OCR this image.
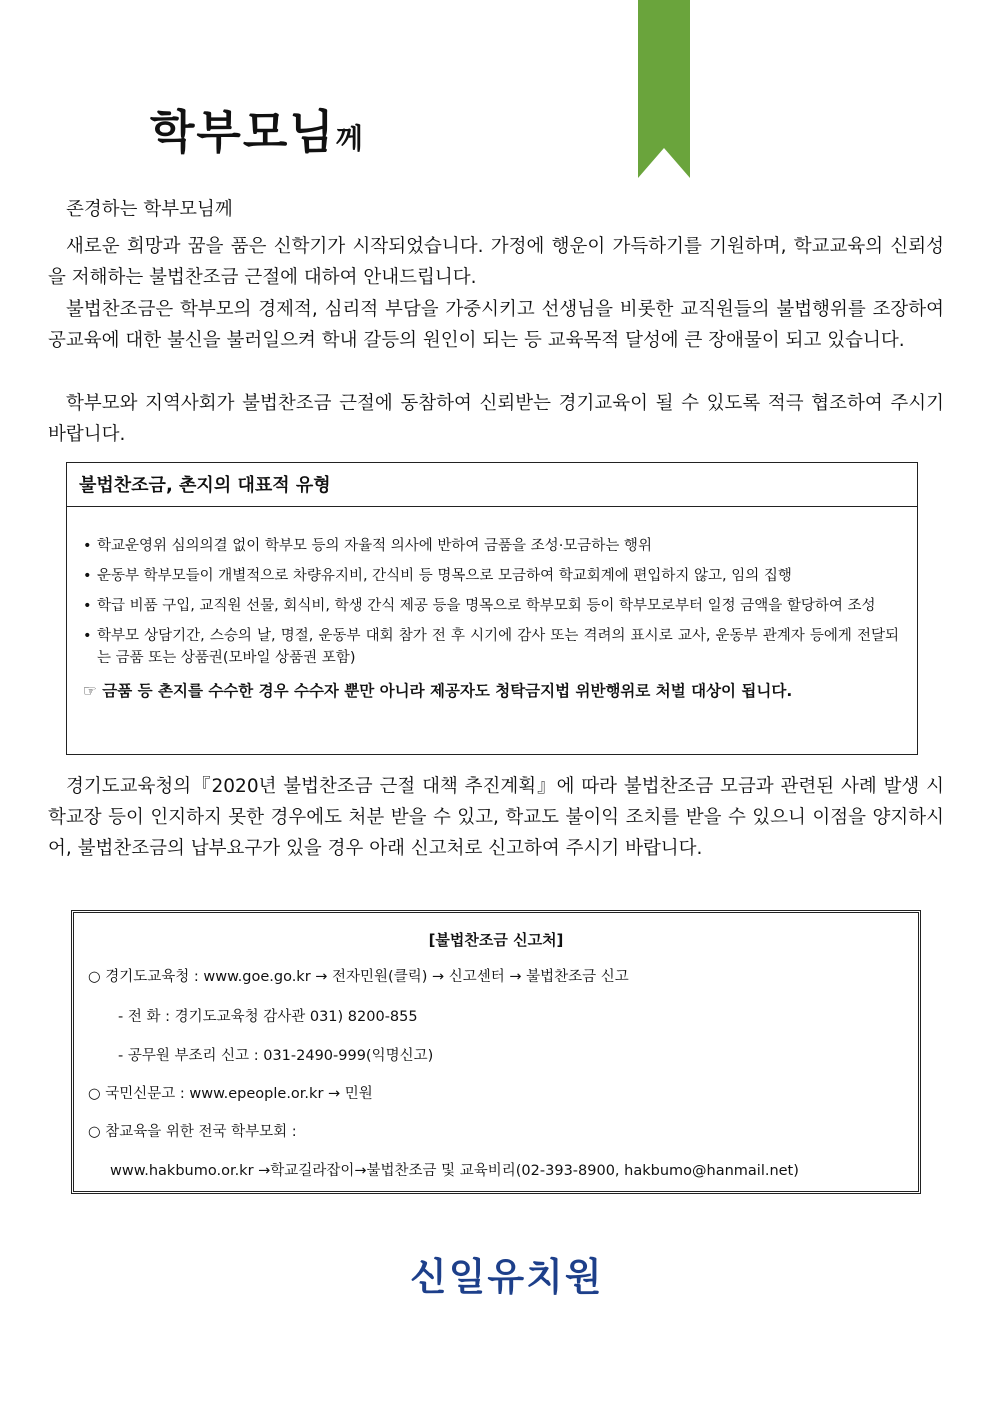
학부모님께

존경하는 학부모님께

새로운 희망과 꿈을 품은 신학기가 시작되었습니다. 가정에 행운이 가득하기를 기원하며, 학교교육의 신뢰성을 저해하는 불법찬조금 근절에 대하여 안내드립니다.

불법찬조금은 학부모의 경제적, 심리적 부담을 가중시키고 선생님을 비롯한 교직원들의 불법행위를 조장하여 공교육에 대한 불신을 불러일으켜 학내 갈등의 원인이 되는 등 교육목적 달성에 큰 장애물이 되고 있습니다.

학부모와 지역사회가 불법찬조금 근절에 동참하여 신뢰받는 경기교육이 될 수 있도록 적극 협조하여 주시기 바랍니다.

불법찬조금, 촌지의 대표적 유형
• 학교운영위 심의의결 없이 학부모 등의 자율적 의사에 반하여 금품을 조성·모금하는 행위
• 운동부 학부모들이 개별적으로 차량유지비, 간식비 등 명목으로 모금하여 학교회계에 편입하지 않고, 임의 집행
• 학급 비품 구입, 교직원 선물, 회식비, 학생 간식 제공 등을 명목으로 학부모회 등이 학부모로부터 일정 금액을 할당하여 조성
• 학부모 상담기간, 스승의 날, 명절, 운동부 대회 참가 전 후 시기에 감사 또는 격려의 표시로 교사, 운동부 관계자 등에게 전달되는 금품 또는 상품권(모바일 상품권 포함)
☞ 금품 등 촌지를 수수한 경우 수수자 뿐만 아니라 제공자도 청탁금지법 위반행위로 처벌 대상이 됩니다.

경기도교육청의『2020년 불법찬조금 근절 대책 추진계획』에 따라 불법찬조금 모금과 관련된 사례 발생 시 학교장 등이 인지하지 못한 경우에도 처분 받을 수 있고, 학교도 불이익 조치를 받을 수 있으니 이점을 양지하시어, 불법찬조금의 납부요구가 있을 경우 아래 신고처로 신고하여 주시기 바랍니다.

[불법찬조금 신고처]
○ 경기도교육청 : www.goe.go.kr → 전자민원(클릭) → 신고센터 → 불법찬조금 신고
- 전 화 : 경기도교육청 감사관 031) 8200-855
- 공무원 부조리 신고 : 031-2490-999(익명신고)
○ 국민신문고 : www.epeople.or.kr → 민원
○ 참교육을 위한 전국 학부모회 :
www.hakbumo.or.kr →학교길라잡이→불법찬조금 및 교육비리(02-393-8900, hakbumo@hanmail.net)
신일유치원
